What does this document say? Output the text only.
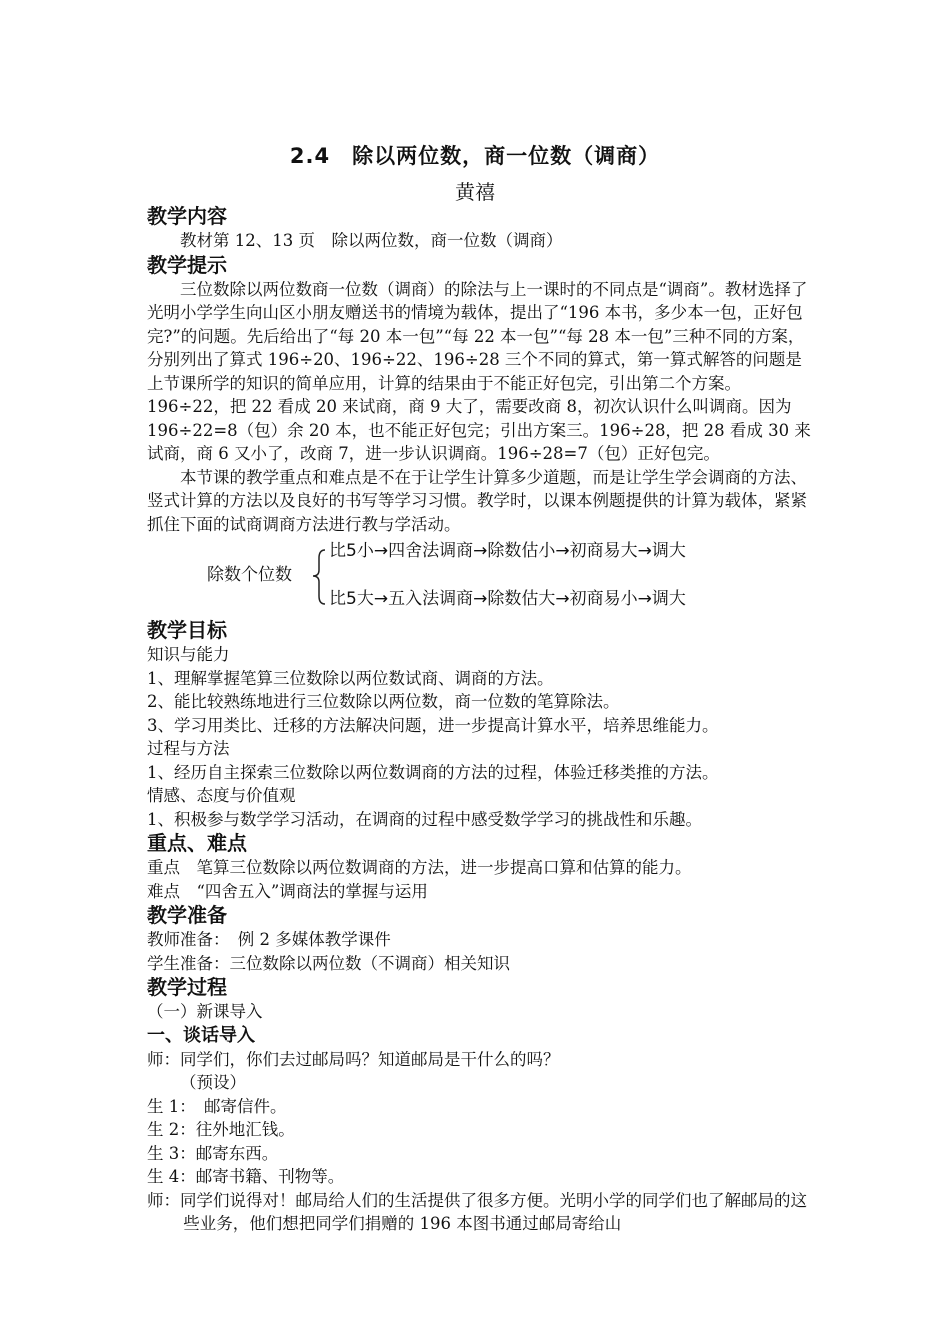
2.4　除以两位数，商一位数（调商）
黄禧
教学内容

教材第 12、13 页　除以两位数，商一位数（调商）

教学提示

三位数除以两位数商一位数（调商）的除法与上一课时的不同点是“调商”。教材选择了光明小学学生向山区小朋友赠送书的情境为载体，提出了“196 本书，多少本一包，正好包完?”的问题。先后给出了“每 20 本一包”“每 22 本一包”“每 28 本一包”三种不同的方案，分别列出了算式 196÷20、196÷22、196÷28 三个不同的算式，第一算式解答的问题是上节课所学的知识的简单应用，计算的结果由于不能正好包完，引出第二个方案。196÷22，把 22 看成 20 来试商，商 9 大了，需要改商 8，初次认识什么叫调商。因为 196÷22=8（包）余 20 本，也不能正好包完；引出方案三。196÷28，把 28 看成 30 来试商，商 6 又小了，改商 7，进一步认识调商。196÷28=7（包）正好包完。

本节课的教学重点和难点是不在于让学生计算多少道题，而是让学生学会调商的方法、竖式计算的方法以及良好的书写等学习习惯。教学时，以课本例题提供的计算为载体，紧紧抓住下面的试商调商方法进行教与学活动。

除数个位数
比5小→四舍法调商→除数估小→初商易大→调大
比5大→五入法调商→除数估大→初商易小→调大
教学目标

知识与能力

1、理解掌握笔算三位数除以两位数试商、调商的方法。

2、能比较熟练地进行三位数除以两位数，商一位数的笔算除法。

3、学习用类比、迁移的方法解决问题，进一步提高计算水平，培养思维能力。

过程与方法

1、经历自主探索三位数除以两位数调商的方法的过程，体验迁移类推的方法。

情感、态度与价值观

1、积极参与数学学习活动，在调商的过程中感受数学学习的挑战性和乐趣。

重点、难点

重点　笔算三位数除以两位数调商的方法，进一步提高口算和估算的能力。

难点　“四舍五入”调商法的掌握与运用

教学准备

教师准备：　例 2 多媒体教学课件

学生准备：三位数除以两位数（不调商）相关知识

教学过程

（一）新课导入

一、谈话导入

师：同学们，你们去过邮局吗？知道邮局是干什么的吗？

（预设）

生 1：　邮寄信件。

生 2：往外地汇钱。

生 3：邮寄东西。

生 4：邮寄书籍、刊物等。

师：同学们说得对！邮局给人们的生活提供了很多方便。光明小学的同学们也了解邮局的这些业务，他们想把同学们捐赠的 196 本图书通过邮局寄给山
